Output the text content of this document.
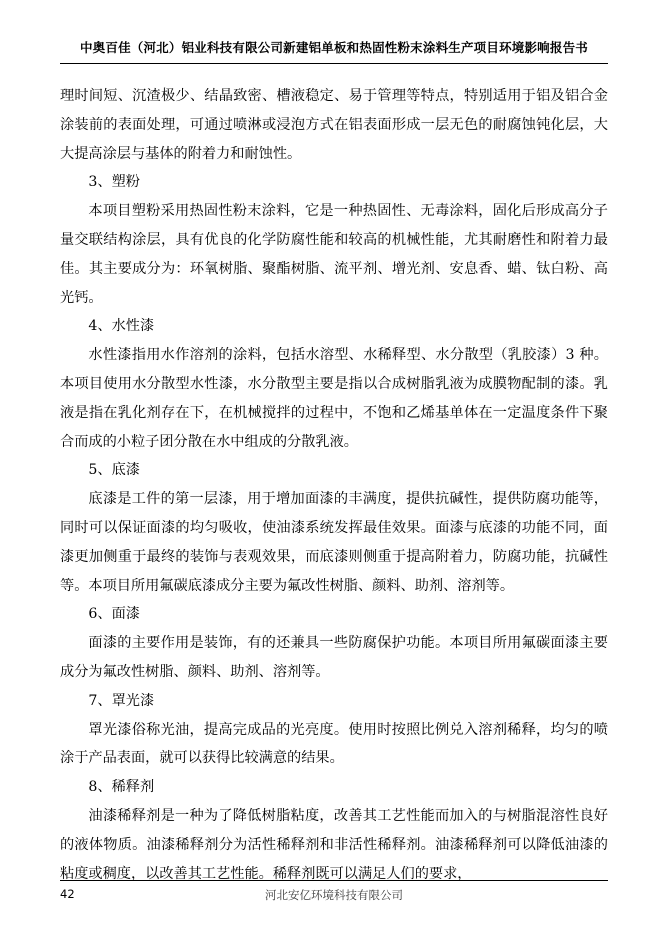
中奥百佳（河北）铝业科技有限公司新建铝单板和热固性粉末涂料生产项目环境影响报告书

理时间短、沉渣极少、结晶致密、槽液稳定、易于管理等特点，特别适用于铝及铝合金涂装前的表面处理，可通过喷淋或浸泡方式在铝表面形成一层无色的耐腐蚀钝化层，大大提高涂层与基体的附着力和耐蚀性。

3、塑粉

本项目塑粉采用热固性粉末涂料，它是一种热固性、无毒涂料，固化后形成高分子量交联结构涂层，具有优良的化学防腐性能和较高的机械性能，尤其耐磨性和附着力最佳。其主要成分为：环氧树脂、聚酯树脂、流平剂、增光剂、安息香、蜡、钛白粉、高光钙。

4、水性漆

水性漆指用水作溶剂的涂料，包括水溶型、水稀释型、水分散型（乳胶漆）3 种。本项目使用水分散型水性漆，水分散型主要是指以合成树脂乳液为成膜物配制的漆。乳液是指在乳化剂存在下，在机械搅拌的过程中，不饱和乙烯基单体在一定温度条件下聚合而成的小粒子团分散在水中组成的分散乳液。

5、底漆

底漆是工件的第一层漆，用于增加面漆的丰满度，提供抗碱性，提供防腐功能等，同时可以保证面漆的均匀吸收，使油漆系统发挥最佳效果。面漆与底漆的功能不同，面漆更加侧重于最终的装饰与表观效果，而底漆则侧重于提高附着力，防腐功能，抗碱性等。本项目所用氟碳底漆成分主要为氟改性树脂、颜料、助剂、溶剂等。

6、面漆

面漆的主要作用是装饰，有的还兼具一些防腐保护功能。本项目所用氟碳面漆主要成分为氟改性树脂、颜料、助剂、溶剂等。

7、罩光漆

罩光漆俗称光油，提高完成品的光亮度。使用时按照比例兑入溶剂稀释，均匀的喷涂于产品表面，就可以获得比较满意的结果。

8、稀释剂

油漆稀释剂是一种为了降低树脂粘度，改善其工艺性能而加入的与树脂混溶性良好的液体物质。油漆稀释剂分为活性稀释剂和非活性稀释剂。油漆稀释剂可以降低油漆的粘度或稠度，以改善其工艺性能。稀释剂既可以满足人们的要求，

42	河北安亿环境科技有限公司
